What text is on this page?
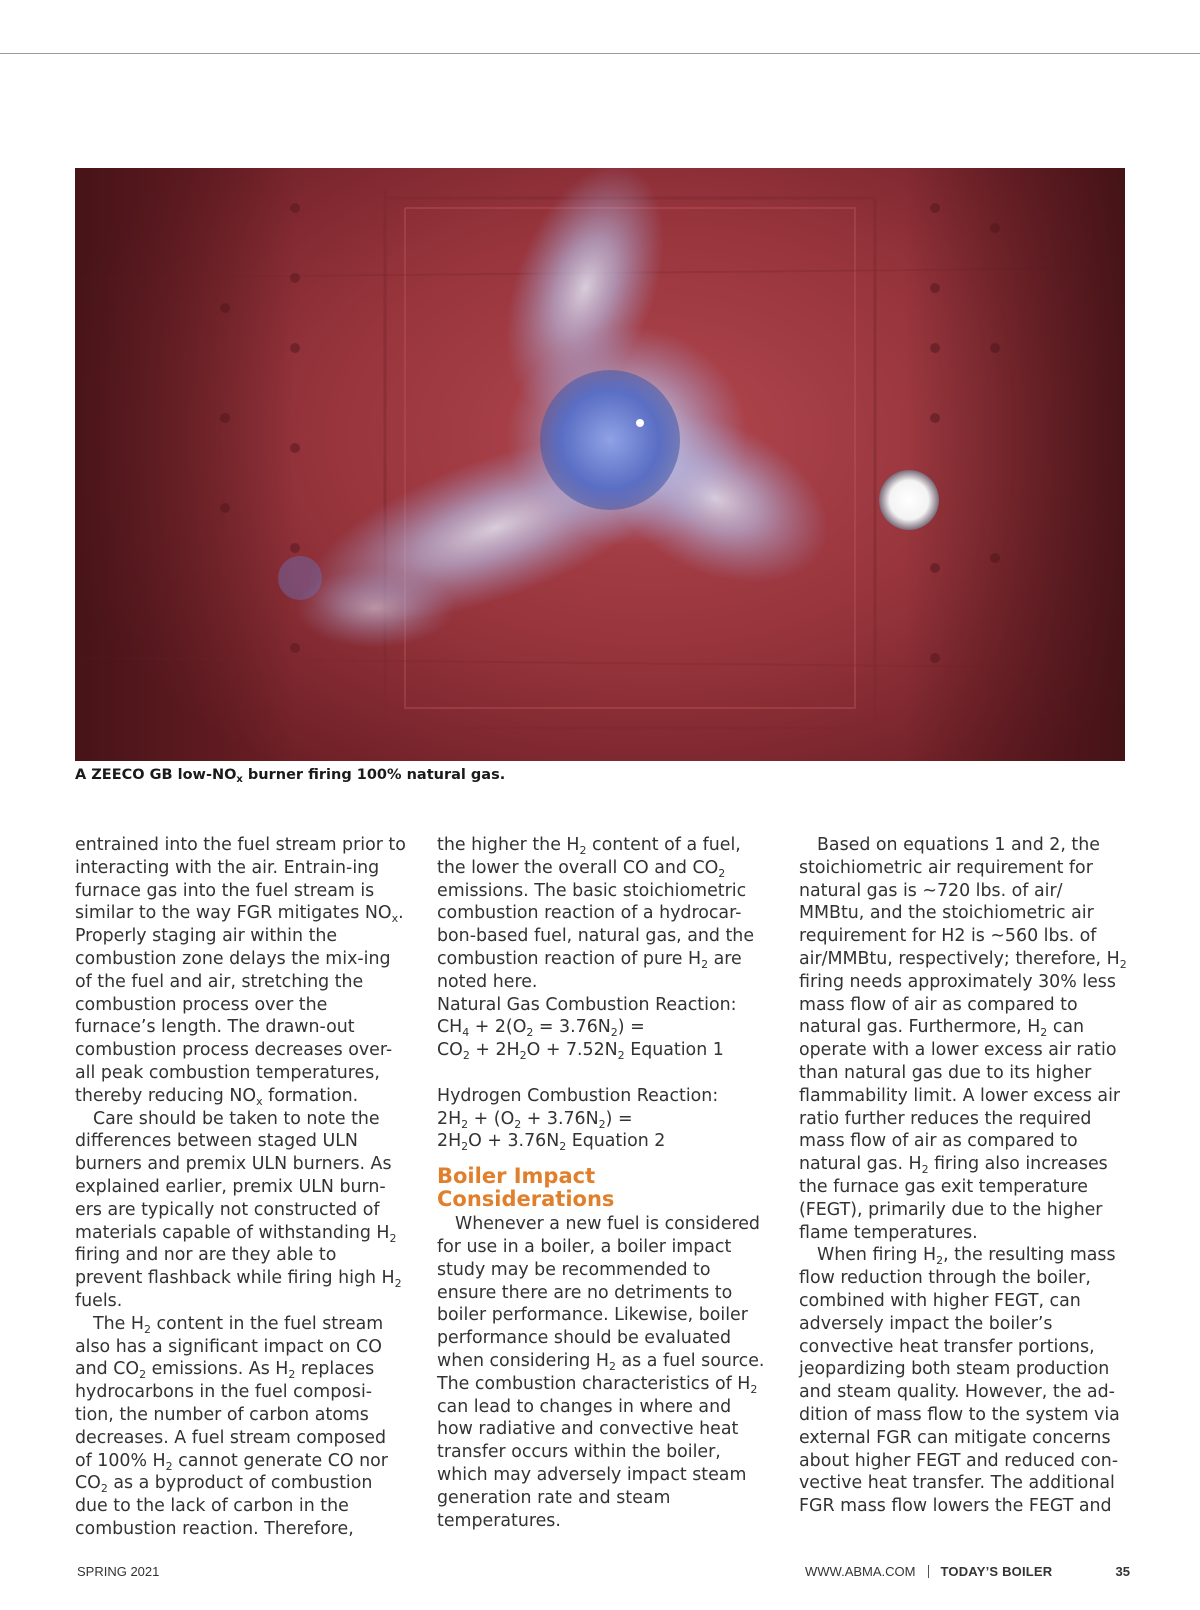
A ZEECO GB low-$NO_x$ burner firing 100% natural gas.

entrained into the fuel stream prior to interacting with the air. Entrain-ing furnace gas into the fuel stream is similar to the way FGR mitigates $NO_x$. Properly staging air within the combustion zone delays the mix-ing of the fuel and air, stretching the combustion process over the furnace’s length. The drawn-out combustion process decreases over-all peak combustion temperatures, thereby reducing $NO_x$ formation.

Care should be taken to note the differences between staged ULN burners and premix ULN burners. As explained earlier, premix ULN burn-ers are typically not constructed of materials capable of withstanding $H_2$ firing and nor are they able to prevent flashback while firing high $H_2$ fuels.

The $H_2$ content in the fuel stream also has a significant impact on CO and $CO_2$ emissions. As $H_2$ replaces hydrocarbons in the fuel composi-tion, the number of carbon atoms decreases. A fuel stream composed of 100% $H_2$ cannot generate CO nor $CO_2$ as a byproduct of combustion due to the lack of carbon in the combustion reaction. Therefore,

the higher the $H_2$ content of a fuel, the lower the overall CO and $CO_2$ emissions. The basic stoichiometric combustion reaction of a hydrocar-bon-based fuel, natural gas, and the combustion reaction of pure $H_2$ are noted here.

Natural Gas Combustion Reaction:

$CH_4 + 2(O_2 = 3.76N_2)$ =

$CO_2 + 2H_2O + 7.52N_2$ Equation 1

Hydrogen Combustion Reaction:

$2H_2 + (O_2 + 3.76N_2)$ =

$2H_2O + 3.76N_2$ Equation 2

Boiler Impact Considerations

Whenever a new fuel is considered for use in a boiler, a boiler impact study may be recommended to ensure there are no detriments to boiler performance. Likewise, boiler performance should be evaluated when considering $H_2$ as a fuel source. The combustion characteristics of $H_2$ can lead to changes in where and how radiative and convective heat transfer occurs within the boiler, which may adversely impact steam generation rate and steam temperatures.

Based on equations 1 and 2, the stoichiometric air requirement for natural gas is ~720 lbs. of air/ MMBtu, and the stoichiometric air requirement for H2 is ~560 lbs. of air/MMBtu, respectively; therefore, $H_2$ firing needs approximately 30% less mass flow of air as compared to natural gas. Furthermore, $H_2$ can operate with a lower excess air ratio than natural gas due to its higher flammability limit. A lower excess air ratio further reduces the required mass flow of air as compared to natural gas. $H_2$ firing also increases the furnace gas exit temperature (FEGT), primarily due to the higher flame temperatures.

When firing $H_2$, the resulting mass flow reduction through the boiler, combined with higher FEGT, can adversely impact the boiler’s convective heat transfer portions, jeopardizing both steam production and steam quality. However, the ad-dition of mass flow to the system via external FGR can mitigate concerns about higher FEGT and reduced con-vective heat transfer. The additional FGR mass flow lowers the FEGT and

SPRING 2021	WWW.ABMA.COM TODAY’S BOILER	35
